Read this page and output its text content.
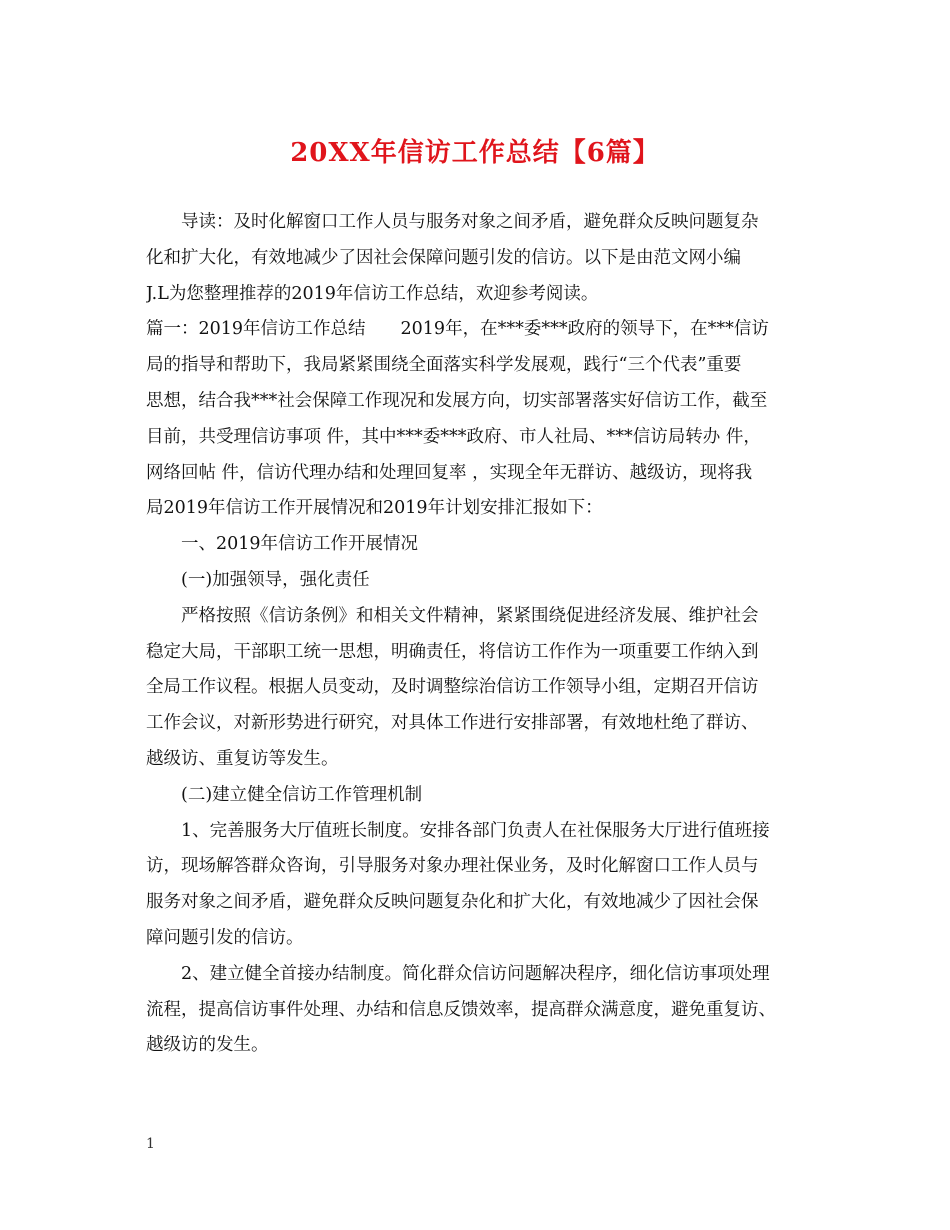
20XX年信访工作总结【6篇】
导读：及时化解窗口工作人员与服务对象之间矛盾，避免群众反映问题复杂
化和扩大化，有效地减少了因社会保障问题引发的信访。以下是由范文网小编
J.L为您整理推荐的2019年信访工作总结，欢迎参考阅读。
篇一：2019年信访工作总结　　2019年，在***委***政府的领导下，在***信访
局的指导和帮助下，我局紧紧围绕全面落实科学发展观，践行“三个代表”重要
思想，结合我***社会保障工作现况和发展方向，切实部署落实好信访工作，截至
目前，共受理信访事项 件，其中***委***政府、市人社局、***信访局转办 件，
网络回帖 件，信访代理办结和处理回复率 ，实现全年无群访、越级访，现将我
局2019年信访工作开展情况和2019年计划安排汇报如下：
一、2019年信访工作开展情况
(一)加强领导，强化责任
严格按照《信访条例》和相关文件精神，紧紧围绕促进经济发展、维护社会
稳定大局，干部职工统一思想，明确责任，将信访工作作为一项重要工作纳入到
全局工作议程。根据人员变动，及时调整综治信访工作领导小组，定期召开信访
工作会议，对新形势进行研究，对具体工作进行安排部署，有效地杜绝了群访、
越级访、重复访等发生。
(二)建立健全信访工作管理机制
1、完善服务大厅值班长制度。安排各部门负责人在社保服务大厅进行值班接
访，现场解答群众咨询，引导服务对象办理社保业务，及时化解窗口工作人员与
服务对象之间矛盾，避免群众反映问题复杂化和扩大化，有效地减少了因社会保
障问题引发的信访。
2、建立健全首接办结制度。简化群众信访问题解决程序，细化信访事项处理
流程，提高信访事件处理、办结和信息反馈效率，提高群众满意度，避免重复访、
越级访的发生。
1
